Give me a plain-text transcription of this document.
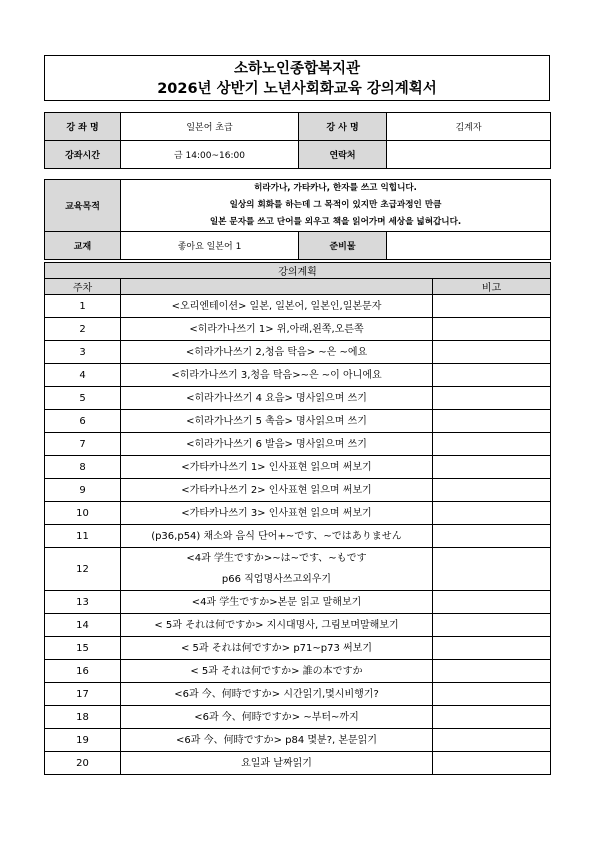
소하노인종합복지관
2026년 상반기 노년사회화교육 강의계획서
강 좌 명	일본어 초급	강 사 명	김계자
강좌시간	금 14:00~16:00	연락처	
교육목적	히라가나, 가타카나, 한자를 쓰고 익힙니다.
일상의 회화를 하는데 그 목적이 있지만 초급과정인 만큼
일본 문자를 쓰고 단어를 외우고 책을 읽어가며 세상을 넓혀갑니다.		

교재	좋아요 일본어 1	준비물	
강의계획		
주차		비고
1	<오리엔테이션> 일본, 일본어, 일본인,일본문자	

2	<히라가나쓰기 1> 위,아래,왼쪽,오른쪽	

3	<히라가나쓰기 2,청음 탁음> ~은 ~에요	

4	<히라가나쓰기 3,청음 탁음>~은 ~이 아니에요	

5	<히라가나쓰기 4 요음> 명사읽으며 쓰기	

6	<히라가나쓰기 5 촉음> 명사읽으며 쓰기	

7	<히라가나쓰기 6 발음> 명사읽으며 쓰기	

8	<가타카나쓰기 1> 인사표현 읽으며 써보기	

9	<가타카나쓰기 2> 인사표현 읽으며 써보기	

10	<가타카나쓰기 3> 인사표현 읽으며 써보기	

11	(p36,p54) 채소와 음식 단어+~です、~ではありません	

12	<4과 学生ですか>~は~です、~もです
p66 직업명사쓰고외우기	

13	<4과 学生ですか>본문 읽고 말해보기	

14	< 5과 それは何ですか> 지시대명사, 그림보며말해보기	

15	< 5과 それは何ですか> p71~p73 써보기	

16	< 5과 それは何ですか> 誰の本ですか	

17	<6과 今、何時ですか> 시간읽기,몇시비행기?	

18	<6과 今、何時ですか> ~부터~까지	

19	<6과 今、何時ですか> p84 몇분?, 본문읽기	

20	요일과 날짜읽기	
